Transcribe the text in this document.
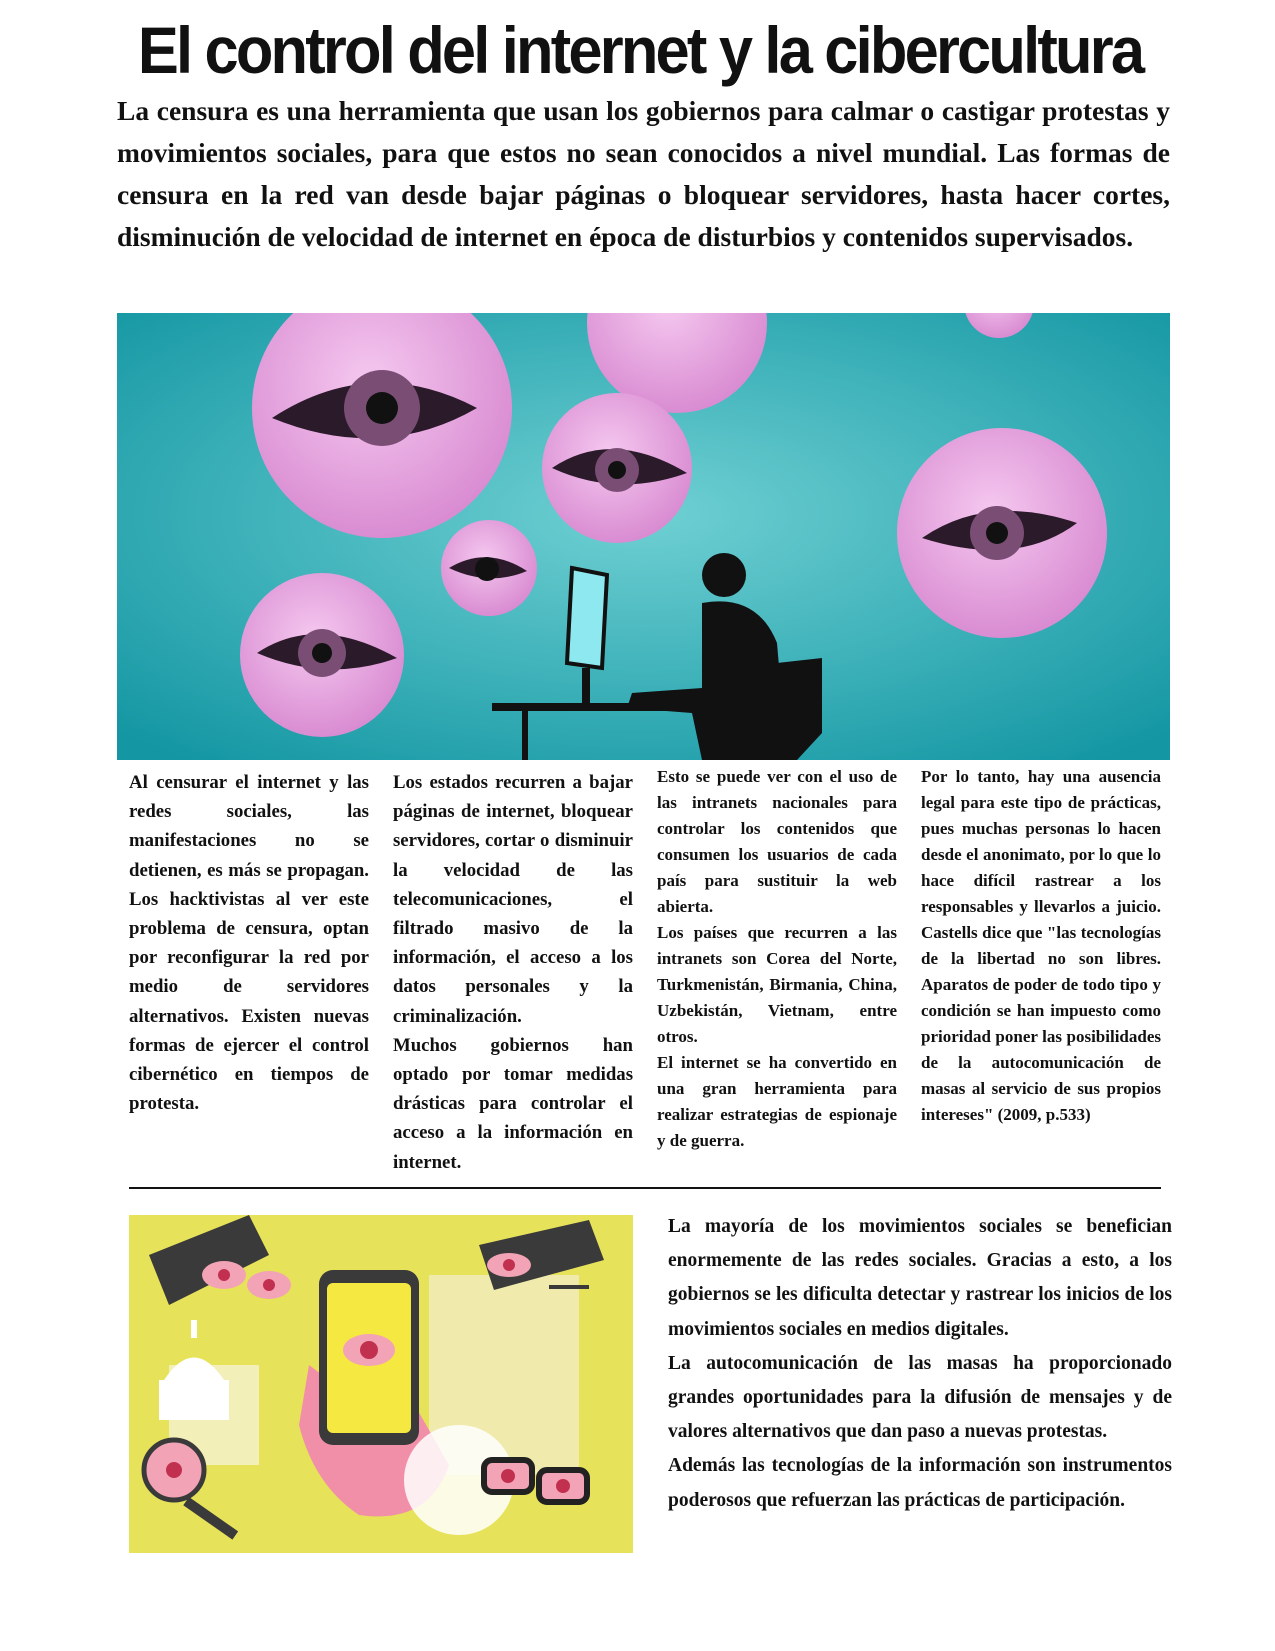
El control del internet y la cibercultura

La censura es una herramienta que usan los gobiernos para calmar o castigar protestas y movimientos sociales, para que estos no sean conocidos a nivel mundial. Las formas de censura en la red van desde bajar páginas o bloquear servidores, hasta hacer cortes, disminución de velocidad de internet en época de disturbios y contenidos supervisados.

Al censurar el internet y las redes sociales, las manifestaciones no se detienen, es más se propagan. Los hacktivistas al ver este problema de censura, optan por reconfigurar la red por medio de servidores alternativos. Existen nuevas formas de ejercer el control cibernético en tiempos de protesta.

Los estados recurren a bajar páginas de internet, bloquear servidores, cortar o disminuir la velocidad de las telecomunicaciones, el filtrado masivo de la información, el acceso a los datos personales y la criminalización.

Muchos gobiernos han optado por tomar medidas drásticas para controlar el acceso a la información en internet.

Esto se puede ver con el uso de las intranets nacionales para controlar los contenidos que consumen los usuarios de cada país para sustituir la web abierta.

Los países que recurren a las intranets son Corea del Norte, Turkmenistán, Birmania, China, Uzbekistán, Vietnam, entre otros.

El internet se ha convertido en una gran herramienta para realizar estrategias de espionaje y de guerra.

Por lo tanto, hay una ausencia legal para este tipo de prácticas, pues muchas personas lo hacen desde el anonimato, por lo que lo hace difícil rastrear a los responsables y llevarlos a juicio. Castells dice que "las tecnologías de la libertad no son libres. Aparatos de poder de todo tipo y condición se han impuesto como prioridad poner las posibilidades de la autocomunicación de masas al servicio de sus propios intereses" (2009, p.533)

La mayoría de los movimientos sociales se benefician enormemente de las redes sociales. Gracias a esto, a los gobiernos se les dificulta detectar y rastrear los inicios de los movimientos sociales en medios digitales.

La autocomunicación de las masas ha proporcionado grandes oportunidades para la difusión de mensajes y de valores alternativos que dan paso a nuevas protestas.

Además las tecnologías de la información son instrumentos poderosos que refuerzan las prácticas de participación.
